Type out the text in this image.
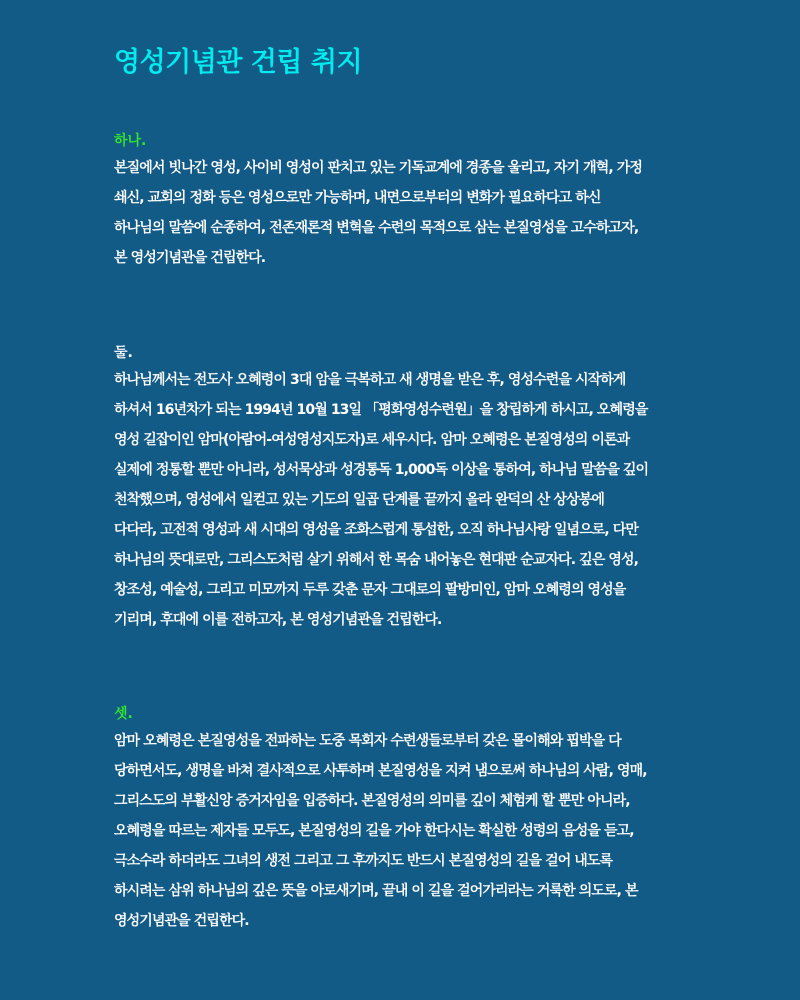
영성기념관 건립 취지
하나.
본질에서 빗나간 영성, 사이비 영성이 판치고 있는 기독교계에 경종을 울리고, 자기 개혁, 가정
쇄신, 교회의 정화 등은 영성으로만 가능하며, 내면으로부터의 변화가 필요하다고 하신
하나님의 말씀에 순종하여, 전존재론적 변혁을 수련의 목적으로 삼는 본질영성을 고수하고자,
본 영성기념관을 건립한다.
둘.
하나님께서는 전도사 오혜령이 3대 암을 극복하고 새 생명을 받은 후, 영성수련을 시작하게
하셔서 16년차가 되는 1994년 10월 13일 「평화영성수련원」을 창립하게 하시고, 오혜령을
영성 길잡이인 암마(아람어-여성영성지도자)로 세우시다. 암마 오혜령은 본질영성의 이론과
실제에 정통할 뿐만 아니라, 성서묵상과 성경통독 1,000독 이상을 통하여, 하나님 말씀을 깊이
천착했으며, 영성에서 일컫고 있는 기도의 일곱 단계를 끝까지 올라 완덕의 산 상상봉에
다다라, 고전적 영성과 새 시대의 영성을 조화스럽게 통섭한, 오직 하나님사랑 일념으로, 다만
하나님의 뜻대로만, 그리스도처럼 살기 위해서 한 목숨 내어놓은 현대판 순교자다. 깊은 영성,
창조성, 예술성, 그리고 미모까지 두루 갖춘 문자 그대로의 팔방미인, 암마 오혜령의 영성을
기리며, 후대에 이를 전하고자, 본 영성기념관을 건립한다.
셋.
암마 오혜령은 본질영성을 전파하는 도중 목회자 수련생들로부터 갖은 몰이해와 핍박을 다
당하면서도, 생명을 바쳐 결사적으로 사투하며 본질영성을 지켜 냄으로써 하나님의 사람, 영매,
그리스도의 부활신앙 증거자임을 입증하다. 본질영성의 의미를 깊이 체험케 할 뿐만 아니라,
오혜령을 따르는 제자들 모두도, 본질영성의 길을 가야 한다시는 확실한 성령의 음성을 듣고,
극소수라 하더라도 그녀의 생전 그리고 그 후까지도 반드시 본질영성의 길을 걸어 내도록
하시려는 삼위 하나님의 깊은 뜻을 아로새기며, 끝내 이 길을 걸어가리라는 거룩한 의도로, 본
영성기념관을 건립한다.
